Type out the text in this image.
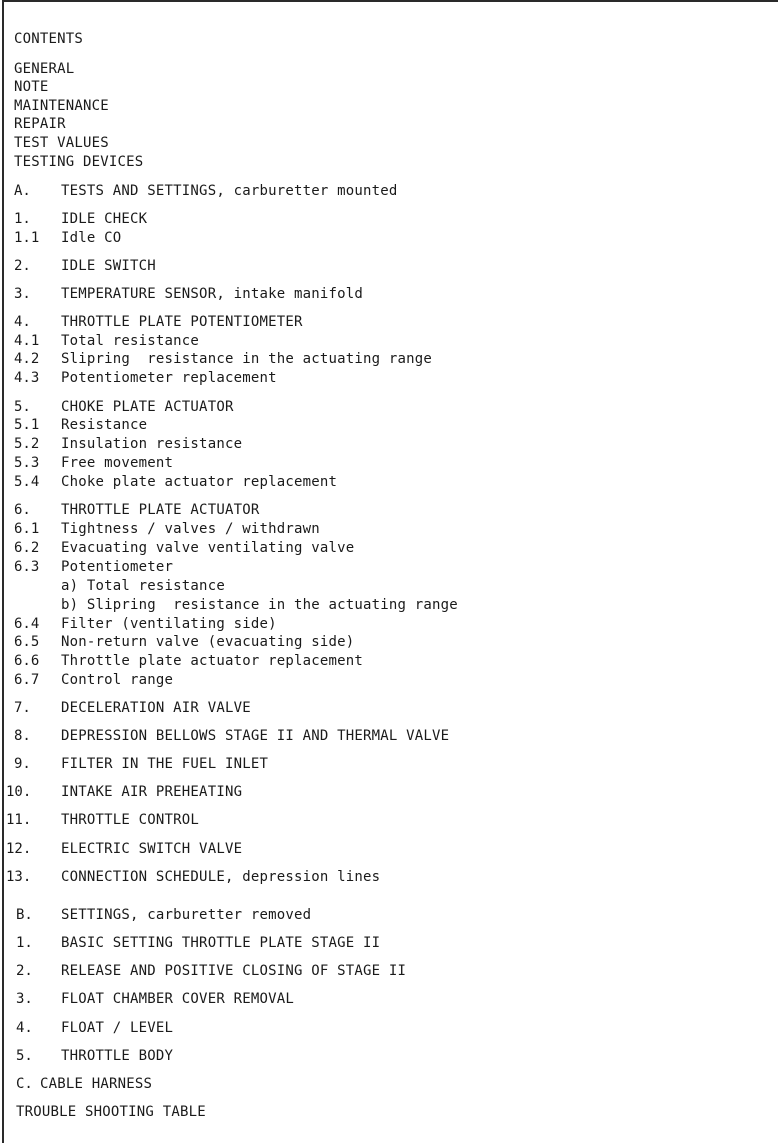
CONTENTS
GENERAL
NOTE
MAINTENANCE
REPAIR
TEST VALUES
TESTING DEVICES
A. TESTS AND SETTINGS, carburetter mounted
1. IDLE CHECK
1.1 Idle CO
2. IDLE SWITCH
3. TEMPERATURE SENSOR, intake manifold
4. THROTTLE PLATE POTENTIOMETER
4.1 Total resistance
4.2 Slipring  resistance in the actuating range
4.3 Potentiometer replacement
5. CHOKE PLATE ACTUATOR
5.1 Resistance
5.2 Insulation resistance
5.3 Free movement
5.4 Choke plate actuator replacement
6. THROTTLE PLATE ACTUATOR
6.1 Tightness / valves / withdrawn
6.2 Evacuating valve ventilating valve
6.3 Potentiometer
a) Total resistance
b) Slipring  resistance in the actuating range
6.4 Filter (ventilating side)
6.5 Non-return valve (evacuating side)
6.6 Throttle plate actuator replacement
6.7 Control range
7. DECELERATION AIR VALVE
8. DEPRESSION BELLOWS STAGE II AND THERMAL VALVE
9. FILTER IN THE FUEL INLET
10. INTAKE AIR PREHEATING
11. THROTTLE CONTROL
12. ELECTRIC SWITCH VALVE
13. CONNECTION SCHEDULE, depression lines
B. SETTINGS, carburetter removed
1. BASIC SETTING THROTTLE PLATE STAGE II
2. RELEASE AND POSITIVE CLOSING OF STAGE II
3. FLOAT CHAMBER COVER REMOVAL
4. FLOAT / LEVEL
5. THROTTLE BODY
C. CABLE HARNESS
TROUBLE SHOOTING TABLE
